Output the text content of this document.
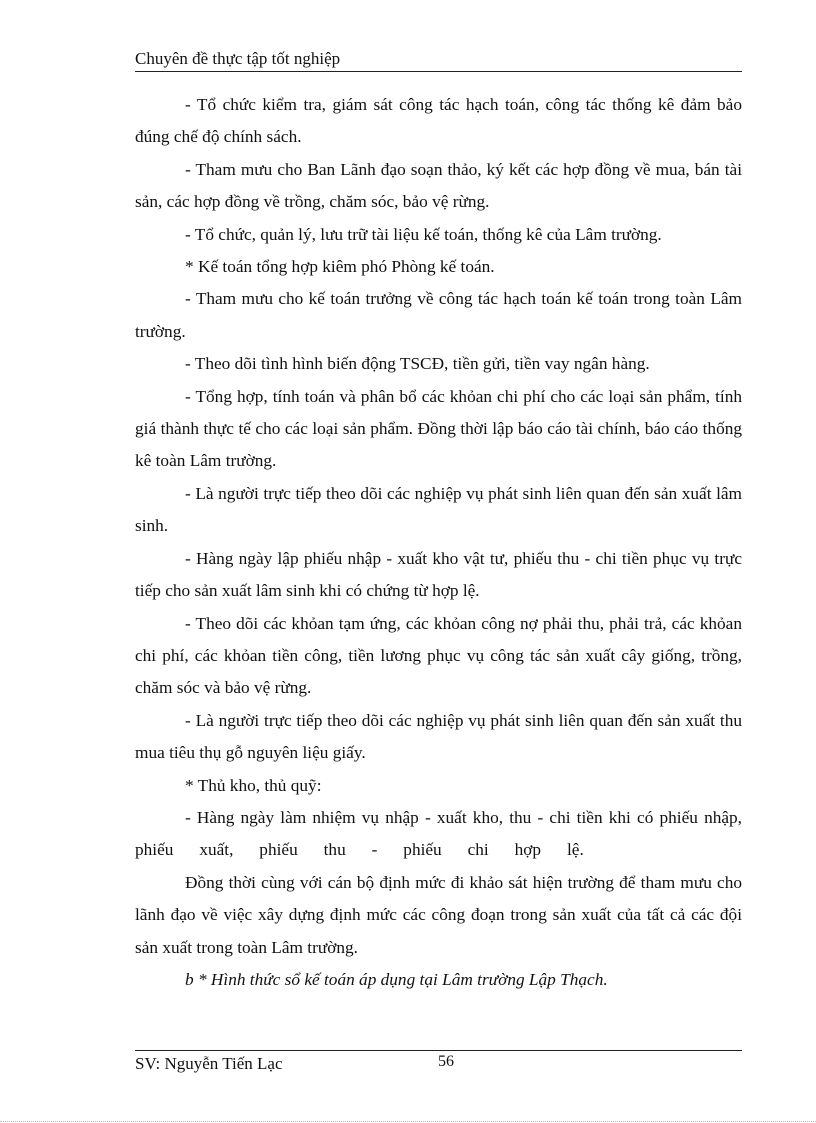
Chuyên đề thực tập tốt nghiệp

- Tổ chức kiểm tra, giám sát công tác hạch toán, công tác thống kê đảm bảo đúng chế độ chính sách.

- Tham mưu cho Ban Lãnh đạo soạn thảo, ký kết các hợp đồng về mua, bán tài sản, các hợp đồng về trồng, chăm sóc, bảo vệ rừng.

- Tổ chức, quản lý, lưu trữ tài liệu kế toán, thống kê của Lâm trường.

* Kế toán tổng hợp kiêm phó Phòng kế toán.

- Tham mưu cho kế toán trưởng về công tác hạch toán kế toán trong toàn Lâm trường.

- Theo dõi tình hình biến động TSCĐ, tiền gửi, tiền vay ngân hàng.

- Tổng hợp, tính toán và phân bổ các khỏan chi phí cho các loại sản phẩm, tính giá thành thực tế cho các loại sản phẩm. Đồng thời lập báo cáo tài chính, báo cáo thống kê toàn Lâm trường.

- Là người trực tiếp theo dõi các nghiệp vụ phát sinh liên quan đến sản xuất lâm sinh.

- Hàng ngày lập phiếu nhập - xuất kho vật tư, phiếu thu - chi tiền phục vụ trực tiếp cho sản xuất lâm sinh khi có chứng từ hợp lệ.

- Theo dõi các khỏan tạm ứng, các khỏan công nợ phải thu, phải trả, các khỏan chi phí, các khỏan tiền công, tiền lương phục vụ công tác sản xuất cây giống, trồng, chăm sóc và bảo vệ rừng.

- Là người trực tiếp theo dõi các nghiệp vụ phát sinh liên quan đến sản xuất thu mua tiêu thụ gỗ nguyên liệu giấy.

* Thủ kho, thủ quỹ:

- Hàng ngày làm nhiệm vụ nhập - xuất kho, thu - chi tiền khi có phiếu nhập,      phiếu      xuất,      phiếu      thu      -      phiếu      chi      hợp      lệ.

Đồng thời cùng với cán bộ định mức đi khảo sát hiện trường để tham mưu cho lãnh đạo về việc xây dựng định mức các công đoạn trong sản xuất của tất cả các đội sản xuất trong toàn Lâm trường.

b * Hình thức sổ kế toán áp dụng tại Lâm trường Lập Thạch.

SV: Nguyễn Tiến Lạc	56
